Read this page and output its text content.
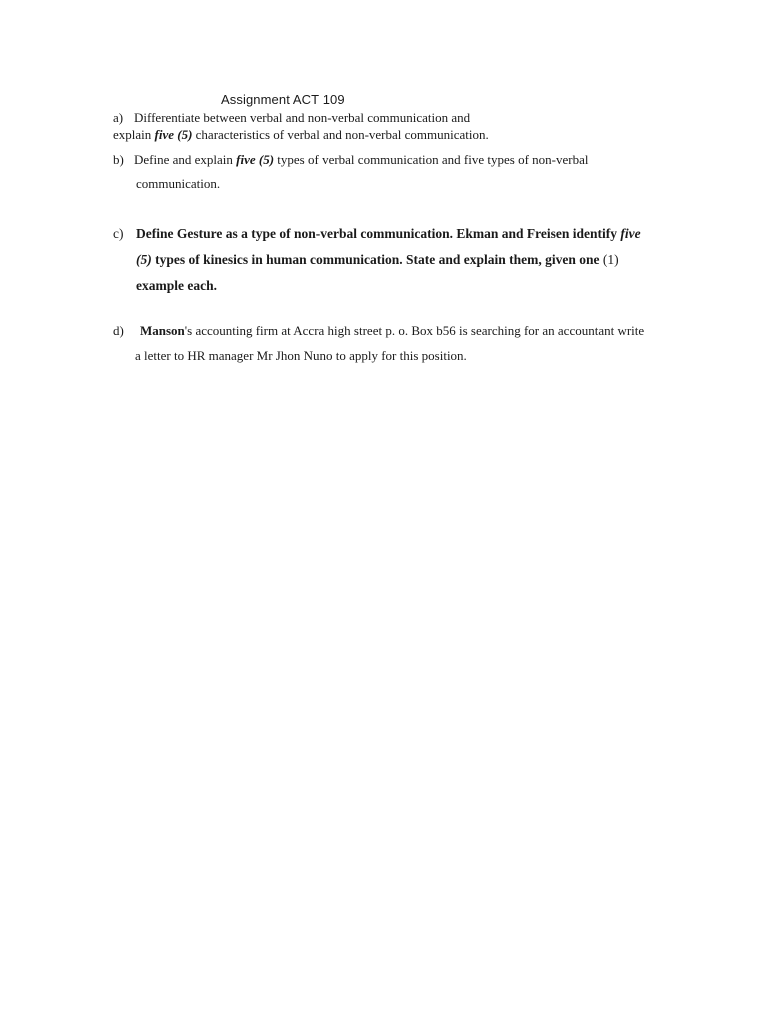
Assignment ACT 109
a) Differentiate between verbal and non-verbal communication and
explain five (5) characteristics of verbal and non-verbal communication.
b) Define and explain five (5) types of verbal communication and five types of non-verbal
communication.
c) Define Gesture as a type of non-verbal communication. Ekman and Freisen identify five
(5) types of kinesics in human communication. State and explain them, given one (1)
example each.
d) Manson's accounting firm at Accra high street p. o. Box b56 is searching for an accountant write
a letter to HR manager Mr Jhon Nuno to apply for this position.
